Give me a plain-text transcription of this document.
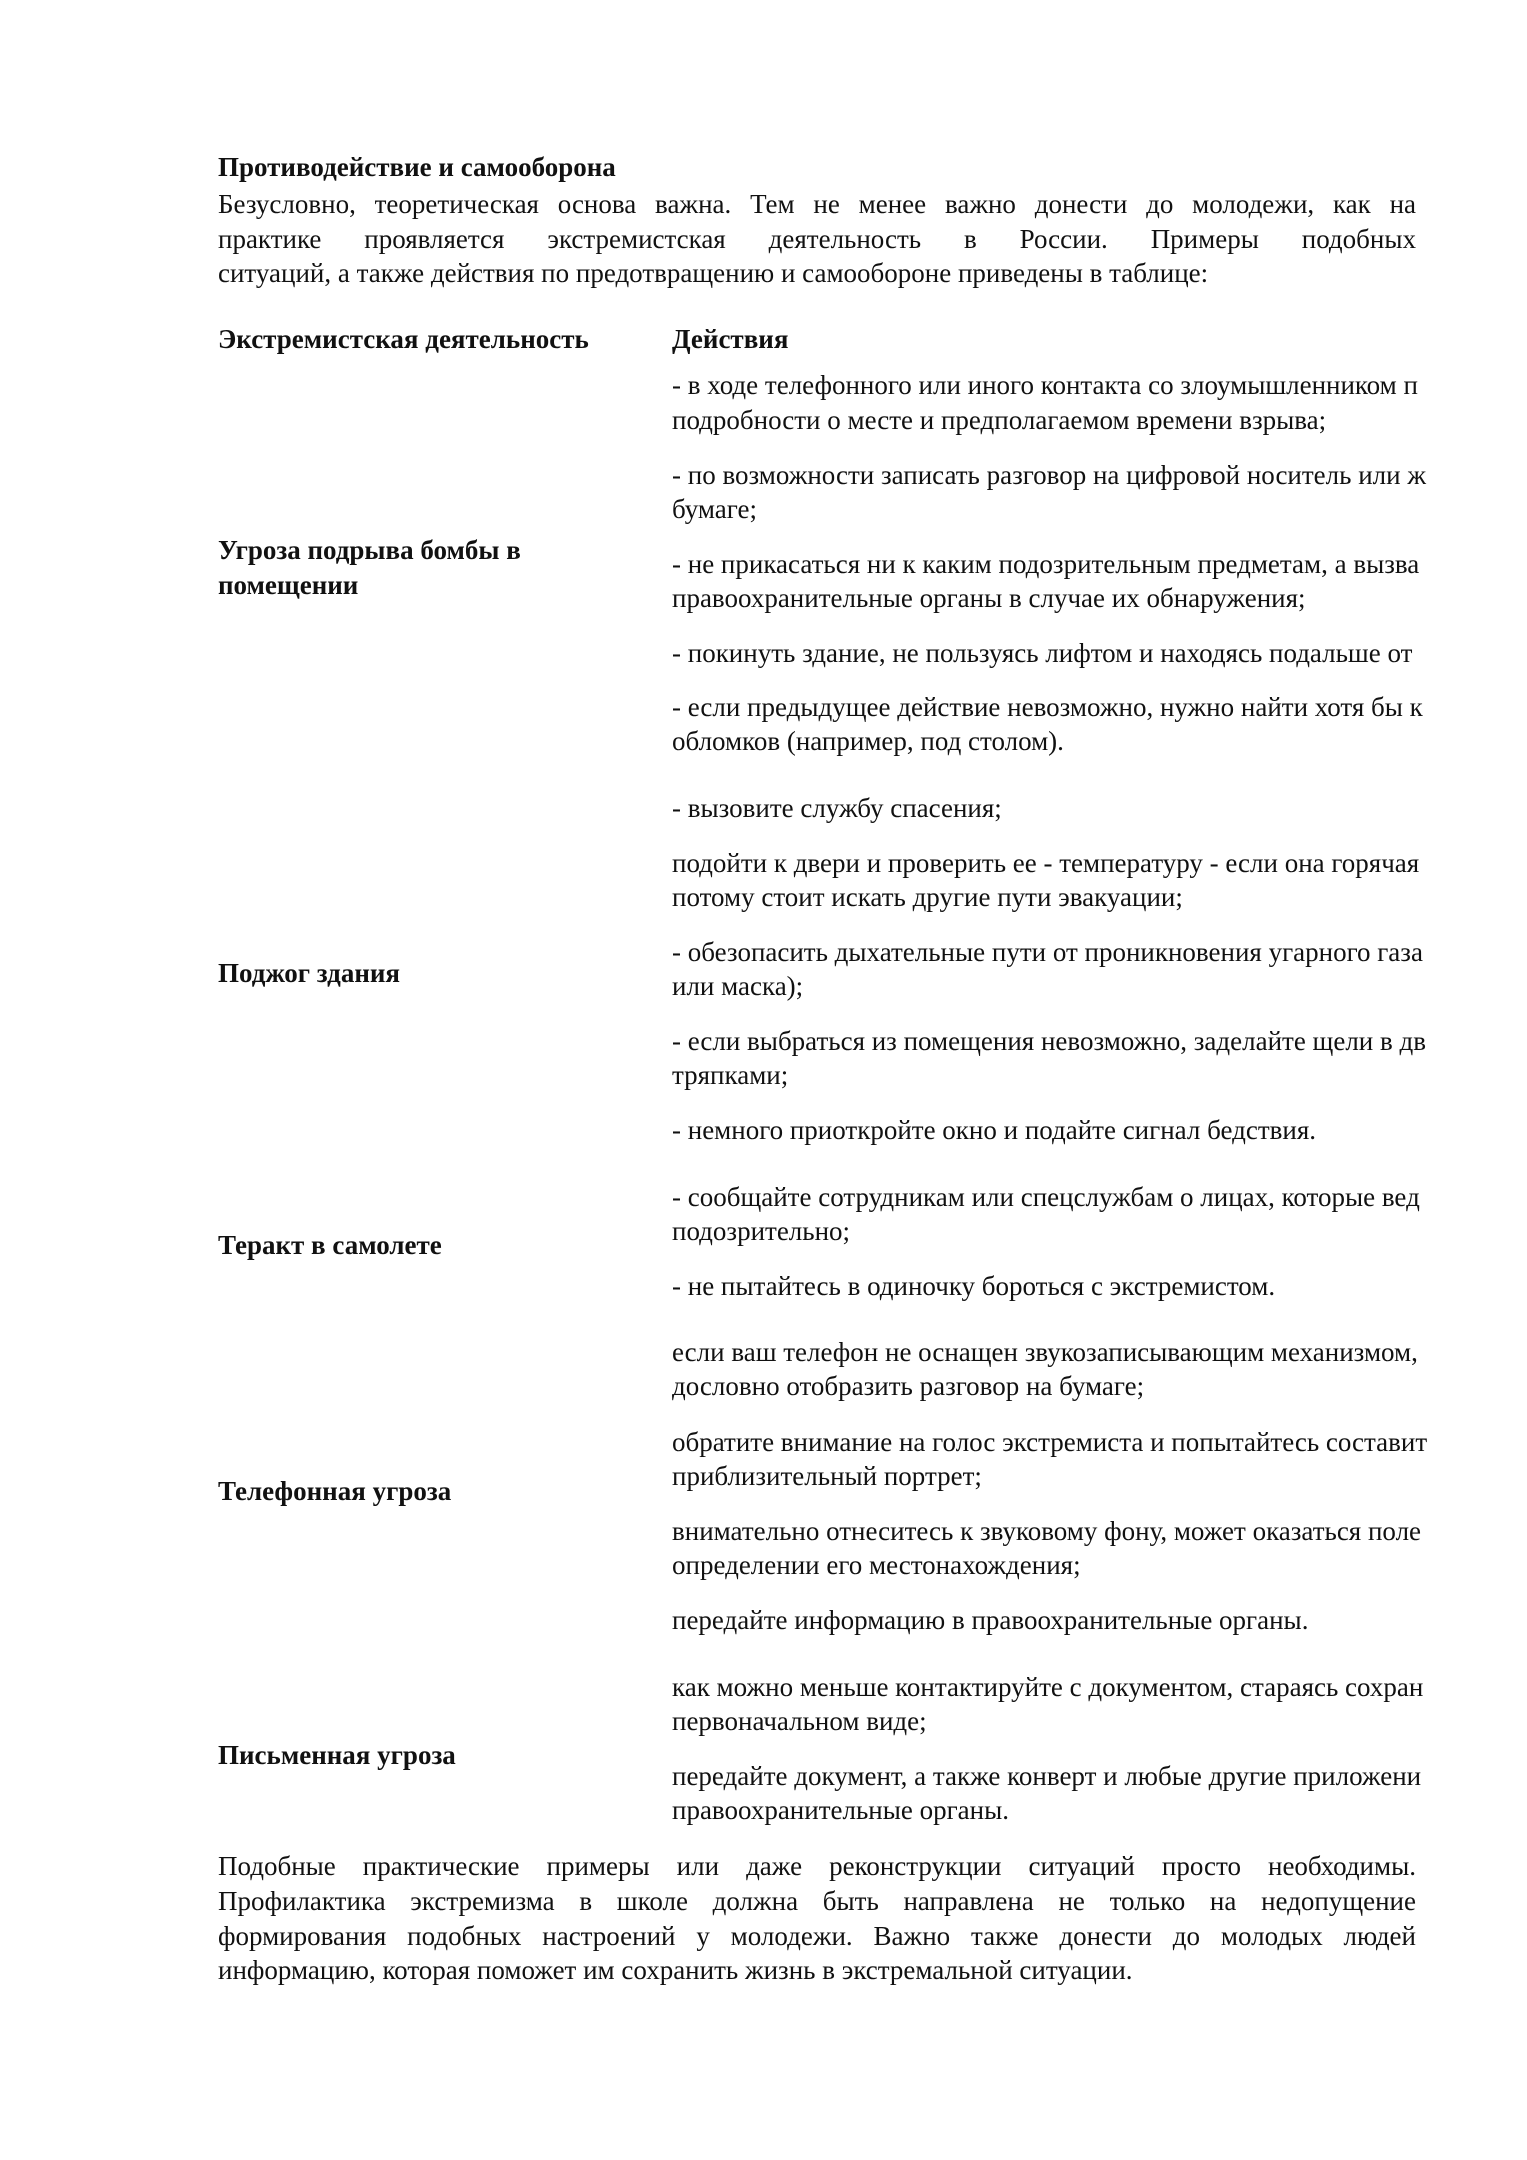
Противодействие и самооборона
Безусловно, теоретическая основа важна. Тем не менее важно донести до молодежи, как на
практике проявляется экстремистская деятельность в России. Примеры подобных
ситуаций, а также действия по предотвращению и самообороне приведены в таблице:
Экстремистская деятельность	Действия
Угроза подрыва бомбы в
помещении
- в ходе телефонного или иного контакта со злоумышленником п
подробности о месте и предполагаемом времени взрыва;
- по возможности записать разговор на цифровой носитель или ж
бумаге;
- не прикасаться ни к каким подозрительным предметам, а вызва
правоохранительные органы в случае их обнаружения;
- покинуть здание, не пользуясь лифтом и находясь подальше от
- если предыдущее действие невозможно, нужно найти хотя бы к
обломков (например, под столом).
Поджог здания
- вызовите службу спасения;
подойти к двери и проверить ее - температуру - если она горячая
потому стоит искать другие пути эвакуации;
- обезопасить дыхательные пути от проникновения угарного газа
или маска);
- если выбраться из помещения невозможно, заделайте щели в дв
тряпками;
- немного приоткройте окно и подайте сигнал бедствия.
Теракт в самолете
- сообщайте сотрудникам или спецслужбам о лицах, которые вед
подозрительно;
- не пытайтесь в одиночку бороться с экстремистом.
Телефонная угроза
если ваш телефон не оснащен звукозаписывающим механизмом,
дословно отобразить разговор на бумаге;
обратите внимание на голос экстремиста и попытайтесь составит
приблизительный портрет;
внимательно отнеситесь к звуковому фону, может оказаться поле
определении его местонахождения;
передайте информацию в правоохранительные органы.
Письменная угроза
как можно меньше контактируйте с документом, стараясь сохран
первоначальном виде;
передайте документ, а также конверт и любые другие приложени
правоохранительные органы.
Подобные практические примеры или даже реконструкции ситуаций просто необходимы.
Профилактика экстремизма в школе должна быть направлена не только на недопущение
формирования подобных настроений у молодежи. Важно также донести до молодых людей
информацию, которая поможет им сохранить жизнь в экстремальной ситуации.
